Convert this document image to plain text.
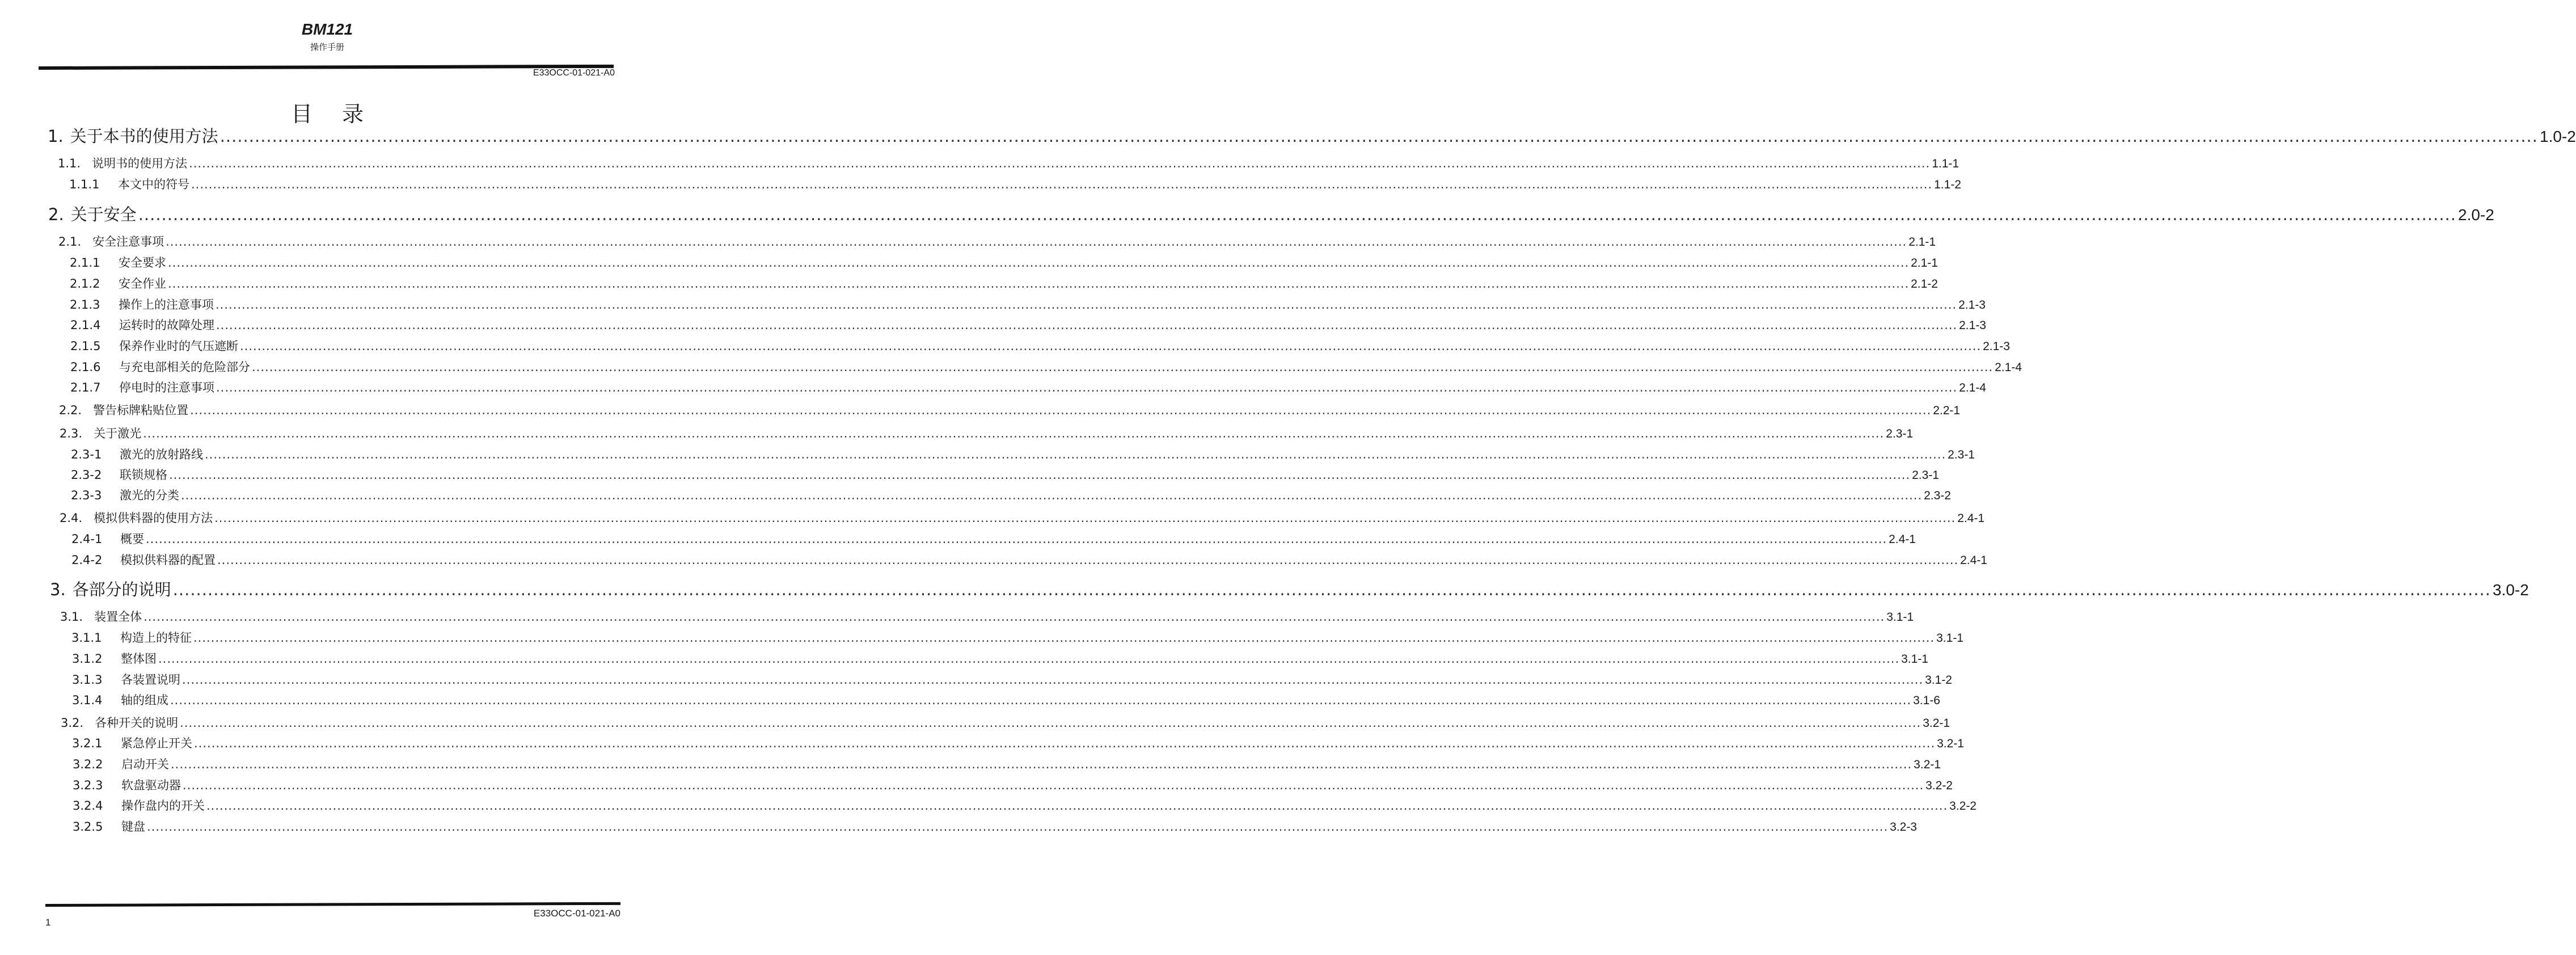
BM121
操作手册
E33OCC-01-021-A0
目录
1. 关于本书的使用方法 ................................................................................................................................................................................................................................................................................................................................................................................................................ 1.0-2
1.1. 说明书的使用方法 ................................................................................................................................................................................................................................................................................................................................................................................................................ 1.1-1
1.1.1	本文中的符号 ................................................................................................................................................................................................................................................................................................................................................................................................................ 1.1-2
2. 关于安全 ................................................................................................................................................................................................................................................................................................................................................................................................................ 2.0-2
2.1. 安全注意事项 ................................................................................................................................................................................................................................................................................................................................................................................................................ 2.1-1
2.1.1	安全要求 ................................................................................................................................................................................................................................................................................................................................................................................................................ 2.1-1
2.1.2	安全作业 ................................................................................................................................................................................................................................................................................................................................................................................................................ 2.1-2
2.1.3	操作上的注意事项 ................................................................................................................................................................................................................................................................................................................................................................................................................ 2.1-3
2.1.4	运转时的故障处理 ................................................................................................................................................................................................................................................................................................................................................................................................................ 2.1-3
2.1.5	保养作业时的气压遮断 ................................................................................................................................................................................................................................................................................................................................................................................................................ 2.1-3
2.1.6	与充电部相关的危险部分 ................................................................................................................................................................................................................................................................................................................................................................................................................ 2.1-4
2.1.7	停电时的注意事项 ................................................................................................................................................................................................................................................................................................................................................................................................................ 2.1-4
2.2. 警告标牌粘贴位置 ................................................................................................................................................................................................................................................................................................................................................................................................................ 2.2-1
2.3. 关于激光 ................................................................................................................................................................................................................................................................................................................................................................................................................ 2.3-1
2.3-1	激光的放射路线 ................................................................................................................................................................................................................................................................................................................................................................................................................ 2.3-1
2.3-2	联锁规格 ................................................................................................................................................................................................................................................................................................................................................................................................................ 2.3-1
2.3-3	激光的分类 ................................................................................................................................................................................................................................................................................................................................................................................................................ 2.3-2
2.4. 模拟供料器的使用方法 ................................................................................................................................................................................................................................................................................................................................................................................................................ 2.4-1
2.4-1	概要 ................................................................................................................................................................................................................................................................................................................................................................................................................ 2.4-1
2.4-2	模拟供料器的配置 ................................................................................................................................................................................................................................................................................................................................................................................................................ 2.4-1
3. 各部分的说明 ................................................................................................................................................................................................................................................................................................................................................................................................................ 3.0-2
3.1. 装置全体 ................................................................................................................................................................................................................................................................................................................................................................................................................ 3.1-1
3.1.1	构造上的特征 ................................................................................................................................................................................................................................................................................................................................................................................................................ 3.1-1
3.1.2	整体图 ................................................................................................................................................................................................................................................................................................................................................................................................................ 3.1-1
3.1.3	各装置说明 ................................................................................................................................................................................................................................................................................................................................................................................................................ 3.1-2
3.1.4	轴的组成 ................................................................................................................................................................................................................................................................................................................................................................................................................ 3.1-6
3.2. 各种开关的说明 ................................................................................................................................................................................................................................................................................................................................................................................................................ 3.2-1
3.2.1	紧急停止开关 ................................................................................................................................................................................................................................................................................................................................................................................................................ 3.2-1
3.2.2	启动开关 ................................................................................................................................................................................................................................................................................................................................................................................................................ 3.2-1
3.2.3	软盘驱动器 ................................................................................................................................................................................................................................................................................................................................................................................................................ 3.2-2
3.2.4	操作盘内的开关 ................................................................................................................................................................................................................................................................................................................................................................................................................ 3.2-2
3.2.5	键盘 ................................................................................................................................................................................................................................................................................................................................................................................................................ 3.2-3
1
E33OCC-01-021-A0
